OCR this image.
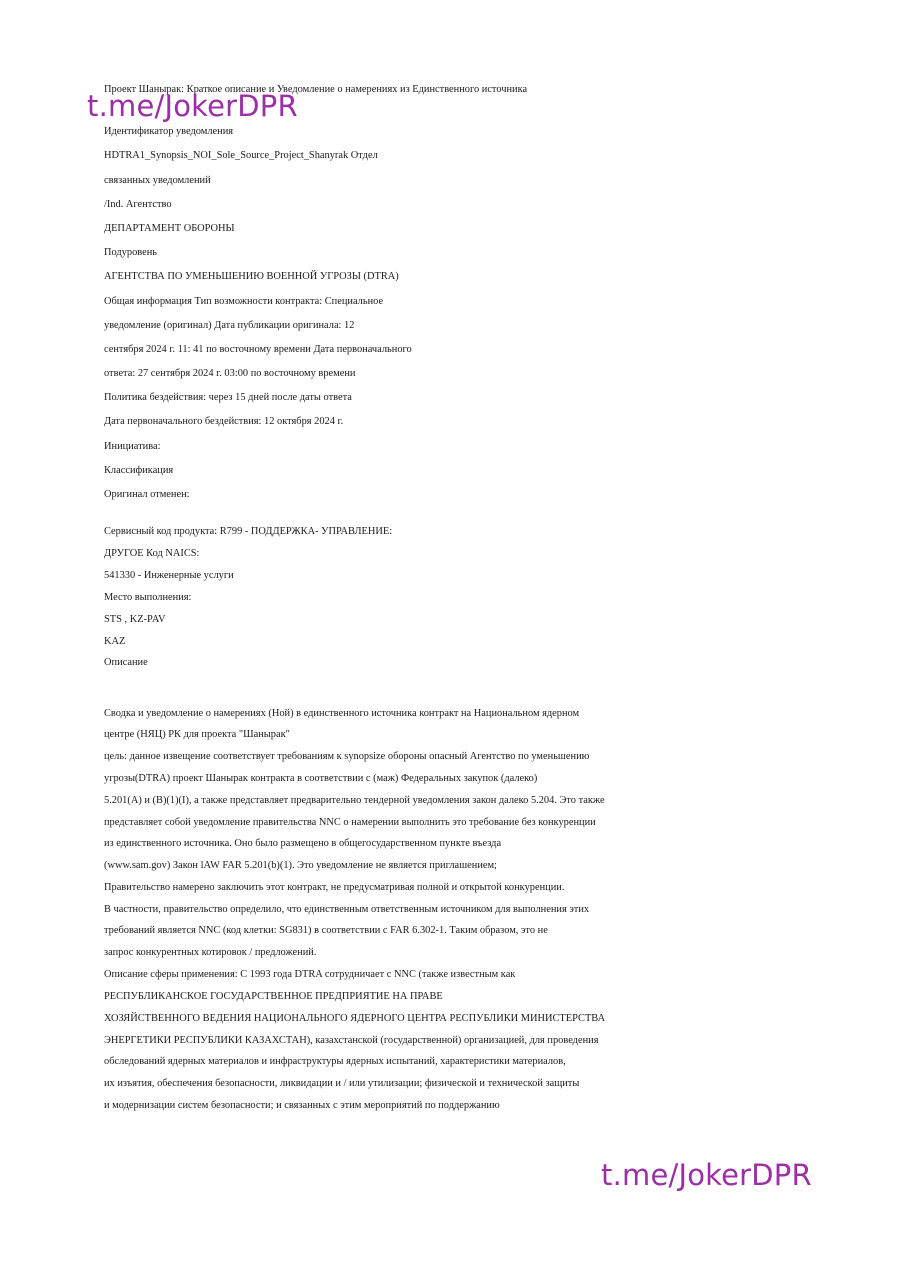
Проект Шанырак: Краткое описание и Уведомление о намерениях из Единственного источника
Идентификатор уведомления
HDTRA1_Synopsis_NOI_Sole_Source_Project_Shanyrak Отдел
связанных уведомлений
/Ind. Агентство
ДЕПАРТАМЕНТ ОБОРОНЫ
Подуровень
АГЕНТСТВА ПО УМЕНЬШЕНИЮ ВОЕННОЙ УГРОЗЫ (DTRA)
Общая информация Тип возможности контракта: Специальное
уведомление (оригинал) Дата публикации оригинала: 12
сентября 2024 г. 11: 41 по восточному времени Дата первоначального
ответа: 27 сентября 2024 г. 03:00 по восточному времени
Политика бездействия: через 15 дней после даты ответа
Дата первоначального бездействия: 12 октября 2024 г.
Инициатива:
Классификация
Оригинал отменен:
Сервисный код продукта: R799 - ПОДДЕРЖКА- УПРАВЛЕНИЕ:
ДРУГОЕ Код NAICS:
541330 - Инженерные услуги
Место выполнения:
STS , KZ-PAV
KAZ
Описание
Сводка и уведомление о намерениях (Ной) в единственного источника контракт на Национальном ядерном
центре (НЯЦ) РК для проекта "Шанырак"
цель: данное извещение соответствует требованиям к synopsize обороны опасный Агентство по уменьшению
угрозы(DTRA) проект Шанырак контракта в соответствии с (маж) Федеральных закупок (далеко)
5.201(А) и (В)(1)(I), а также представляет предварительно тендерной уведомления закон далеко 5.204. Это также
представляет собой уведомление правительства NNC о намерении выполнить это требование без конкуренции
из единственного источника. Оно было размещено в общегосударственном пункте въезда
(www.sam.gov) Закон lAW FAR 5.201(b)(1). Это уведомление не является приглашением;
Правительство намерено заключить этот контракт, не предусматривая полной и открытой конкуренции.
В частности, правительство определило, что единственным ответственным источником для выполнения этих
требований является NNC (код клетки: SG831) в соответствии с FAR 6.302-1. Таким образом, это не
запрос конкурентных котировок / предложений.
Описание сферы применения: С 1993 года DTRA сотрудничает с NNC (также известным как
РЕСПУБЛИКАНСКОЕ ГОСУДАРСТВЕННОЕ ПРЕДПРИЯТИЕ НА ПРАВЕ
ХОЗЯЙСТВЕННОГО ВЕДЕНИЯ НАЦИОНАЛЬНОГО ЯДЕРНОГО ЦЕНТРА РЕСПУБЛИКИ МИНИСТЕРСТВА
ЭНЕРГЕТИКИ РЕСПУБЛИКИ КАЗАХСТАН), казахстанской (государственной) организацией, для проведения
обследований ядерных материалов и инфраструктуры ядерных испытаний, характеристики материалов,
их изъятия, обеспечения безопасности, ликвидации и / или утилизации; физической и технической защиты
и модернизации систем безопасности; и связанных с этим мероприятий по поддержанию
t.me/JokerDPR
t.me/JokerDPR
